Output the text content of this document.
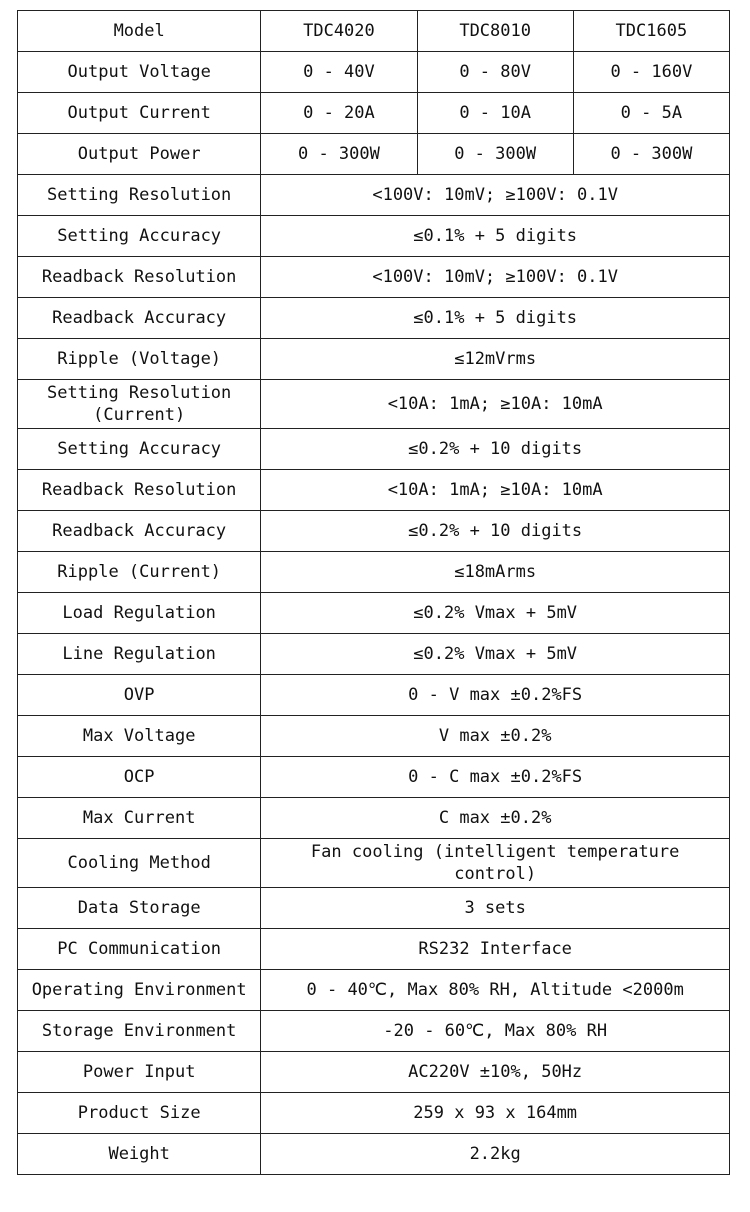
Model	TDC4020	TDC8010	TDC1605
Output Voltage	0 - 40V	0 - 80V	0 - 160V
Output Current	0 - 20A	0 - 10A	0 - 5A
Output Power	0 - 300W	0 - 300W	0 - 300W
Setting Resolution	<100V: 10mV; ≥100V: 0.1V		
Setting Accuracy	≤0.1% + 5 digits		
Readback Resolution	<100V: 10mV; ≥100V: 0.1V		
Readback Accuracy	≤0.1% + 5 digits		
Ripple (Voltage)	≤12mVrms		
Setting Resolution (Current)	<10A: 1mA; ≥10A: 10mA		
Setting Accuracy	≤0.2% + 10 digits		
Readback Resolution	<10A: 1mA; ≥10A: 10mA		
Readback Accuracy	≤0.2% + 10 digits		
Ripple (Current)	≤18mArms		
Load Regulation	≤0.2% Vmax + 5mV		
Line Regulation	≤0.2% Vmax + 5mV		
OVP	0 - V max ±0.2%FS		
Max Voltage	V max ±0.2%		
OCP	0 - C max ±0.2%FS		
Max Current	C max ±0.2%		
Cooling Method	Fan cooling (intelligent temperature control)		
Data Storage	3 sets		
PC Communication	RS232 Interface		
Operating Environment	0 - 40℃, Max 80% RH, Altitude <2000m		
Storage Environment	-20 - 60℃, Max 80% RH		
Power Input	AC220V ±10%, 50Hz		
Product Size	259 x 93 x 164mm		
Weight	2.2kg		
